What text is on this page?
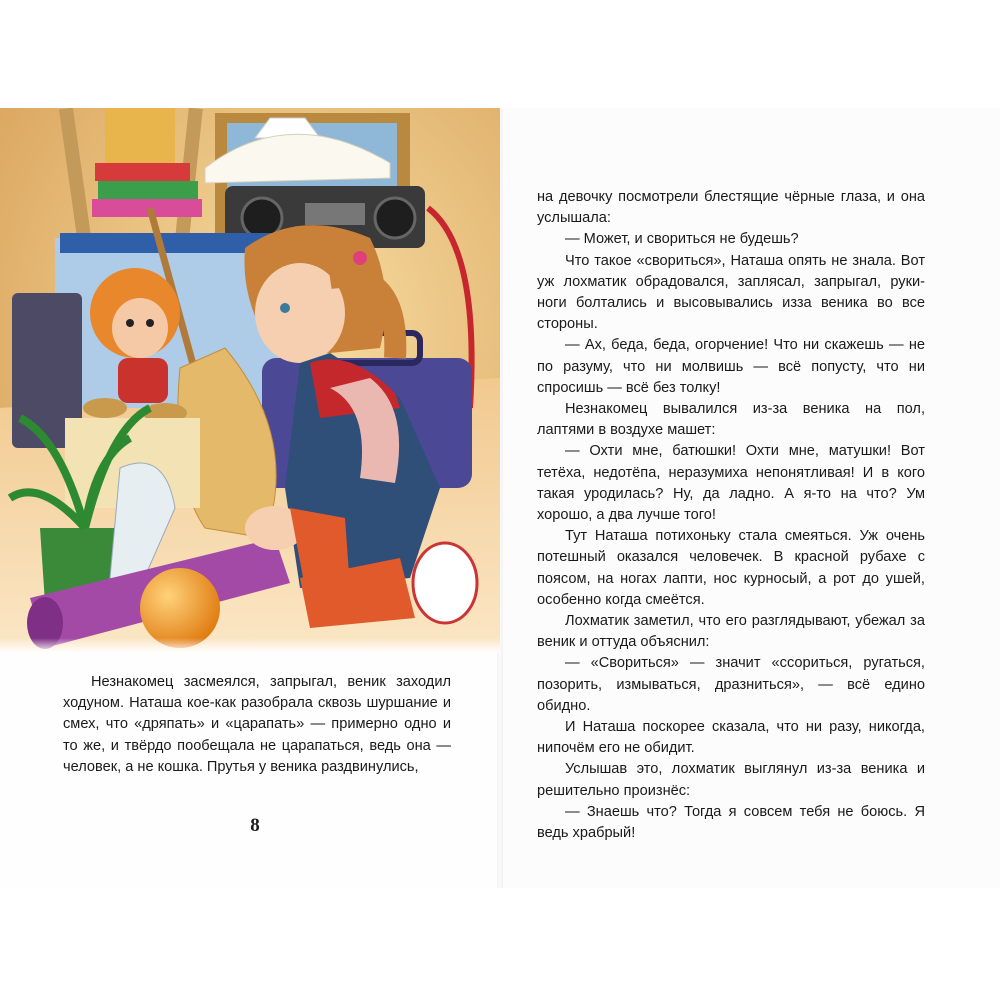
Незнакомец засмеялся, запрыгал, веник заходил ходуном. Наташа кое-как разобрала сквозь шуршание и смех, что «дряпать» и «царапать» — примерно одно и то же, и твёрдо пообещала не царапаться, ведь она — человек, а не кошка. Прутья у веника раздвинулись,

8

на девочку посмотрели блестящие чёрные глаза, и она услышала:

— Может, и свориться не будешь?

Что такое «свориться», Наташа опять не знала. Вот уж лохматик обрадовался, заплясал, запрыгал, руки-ноги болтались и высовывались изза веника во все стороны.

— Ах, беда, беда, огорчение! Что ни скажешь — не по разуму, что ни молвишь — всё попусту, что ни спросишь — всё без толку!

Незнакомец вывалился из-за веника на пол, лаптями в воздухе машет:

— Охти мне, батюшки! Охти мне, матушки! Вот тетёха, недотёпа, неразумиха непонятливая! И в кого такая уродилась? Ну, да ладно. А я-то на что? Ум хорошо, а два лучше того!

Тут Наташа потихоньку стала смеяться. Уж очень потешный оказался человечек. В красной рубахе с поясом, на ногах лапти, нос курносый, а рот до ушей, особенно когда смеётся.

Лохматик заметил, что его разглядывают, убежал за веник и оттуда объяснил:

— «Свориться» — значит «ссориться, ругаться, позорить, измываться, дразниться», — всё едино обидно.

И Наташа поскорее сказала, что ни разу, никогда, нипочём его не обидит.

Услышав это, лохматик выглянул из-за веника и решительно произнёс:

— Знаешь что? Тогда я совсем тебя не боюсь. Я ведь храбрый!
